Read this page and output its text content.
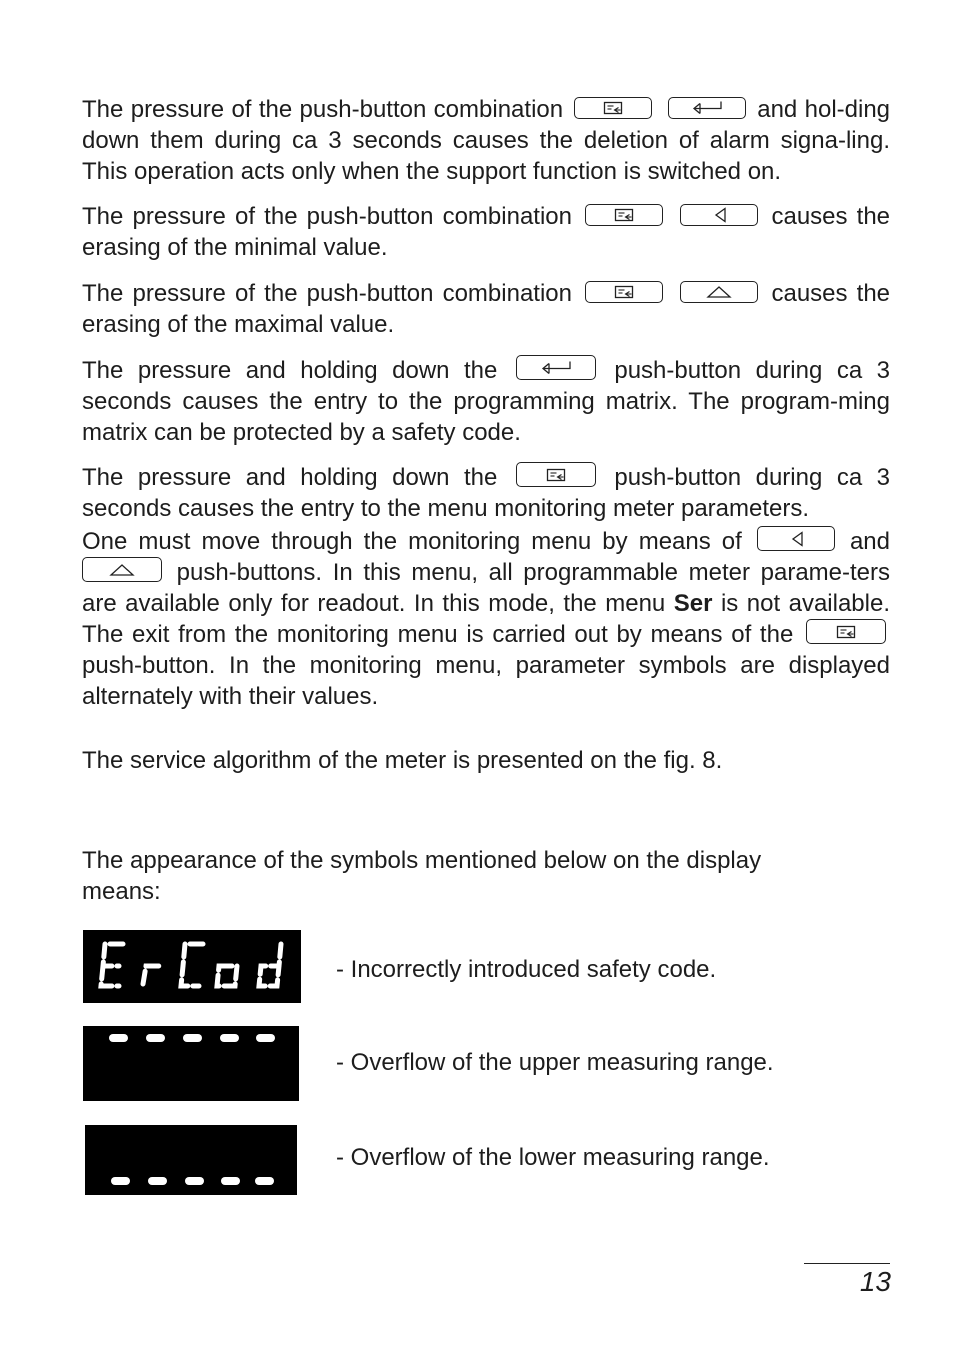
The pressure of the push-button combination
	and hol-ding down them during ca 3 seconds causes the deletion of alarm signa-ling. This operation acts only when the support function is switched on.

The pressure of the push-button combination
	causes the erasing of the minimal value.

The pressure of the push-button combination
	causes the erasing of the maximal value.

The pressure and holding down the	push-button during ca 3 seconds causes the entry to the programming matrix. The program-ming matrix can be protected by a safety code.

The pressure and holding down the	push-button during ca 3 seconds causes the entry to the menu monitoring meter parameters.

One must move through the monitoring menu by means of	and
push-buttons. In this menu, all programmable meter parame-ters are available only for readout. In this mode, the menu Ser is not available. The exit from the monitoring menu is carried out by means of the
push-button. In the monitoring menu, parameter symbols are displayed alternately with their values.

The service algorithm of the meter is presented on the fig. 8.

The appearance of the symbols mentioned below on the display means:

- Incorrectly introduced safety code.
- Overflow of the upper measuring range.
- Overflow of the lower measuring range.
13
